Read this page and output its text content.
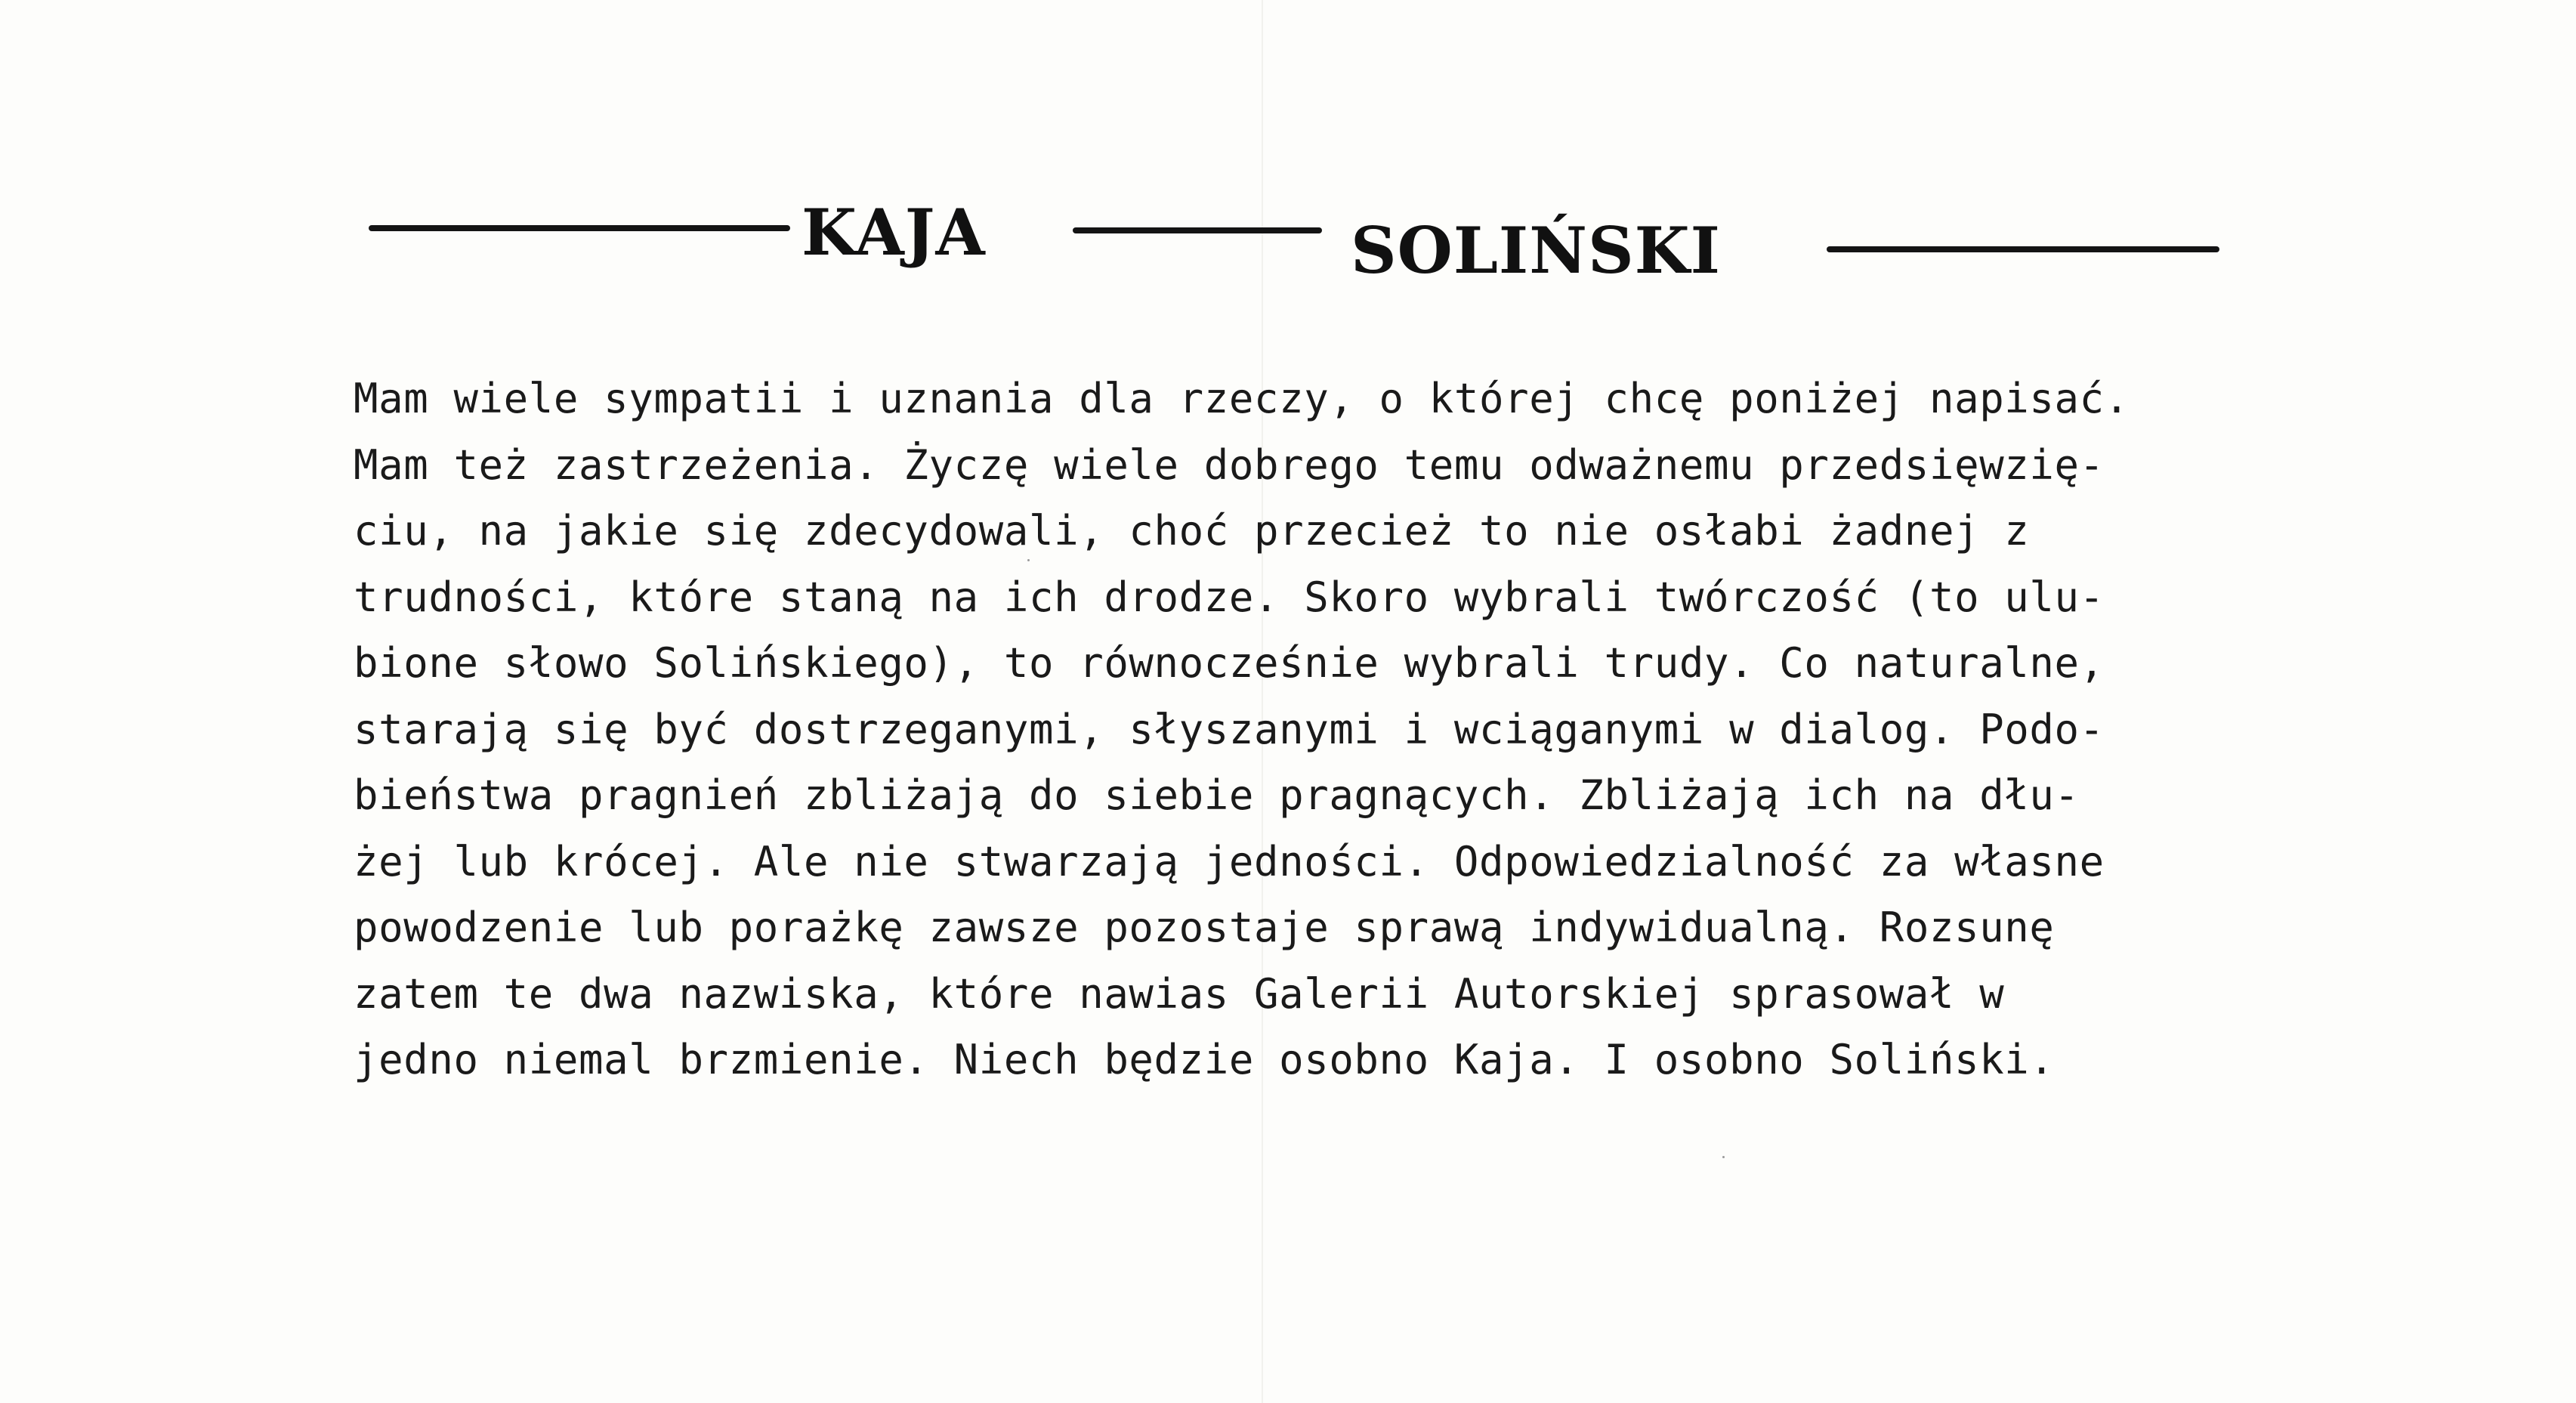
KAJA	SOLIŃSKI
Mam wiele sympatii i uznania dla rzeczy, o której chcę poniżej napisać.
Mam też zastrzeżenia. Życzę wiele dobrego temu odważnemu przedsięwzię-
ciu, na jakie się zdecydowali, choć przecież to nie osłabi żadnej z
trudności, które staną na ich drodze. Skoro wybrali twórczość (to ulu-
bione słowo Solińskiego), to równocześnie wybrali trudy. Co naturalne,
starają się być dostrzeganymi, słyszanymi i wciąganymi w dialog. Podo-
bieństwa pragnień zbliżają do siebie pragnących. Zbliżają ich na dłu-
żej lub krócej. Ale nie stwarzają jedności. Odpowiedzialność za własne
powodzenie lub porażkę zawsze pozostaje sprawą indywidualną. Rozsunę
zatem te dwa nazwiska, które nawias Galerii Autorskiej sprasował w
jedno niemal brzmienie. Niech będzie osobno Kaja. I osobno Soliński.
